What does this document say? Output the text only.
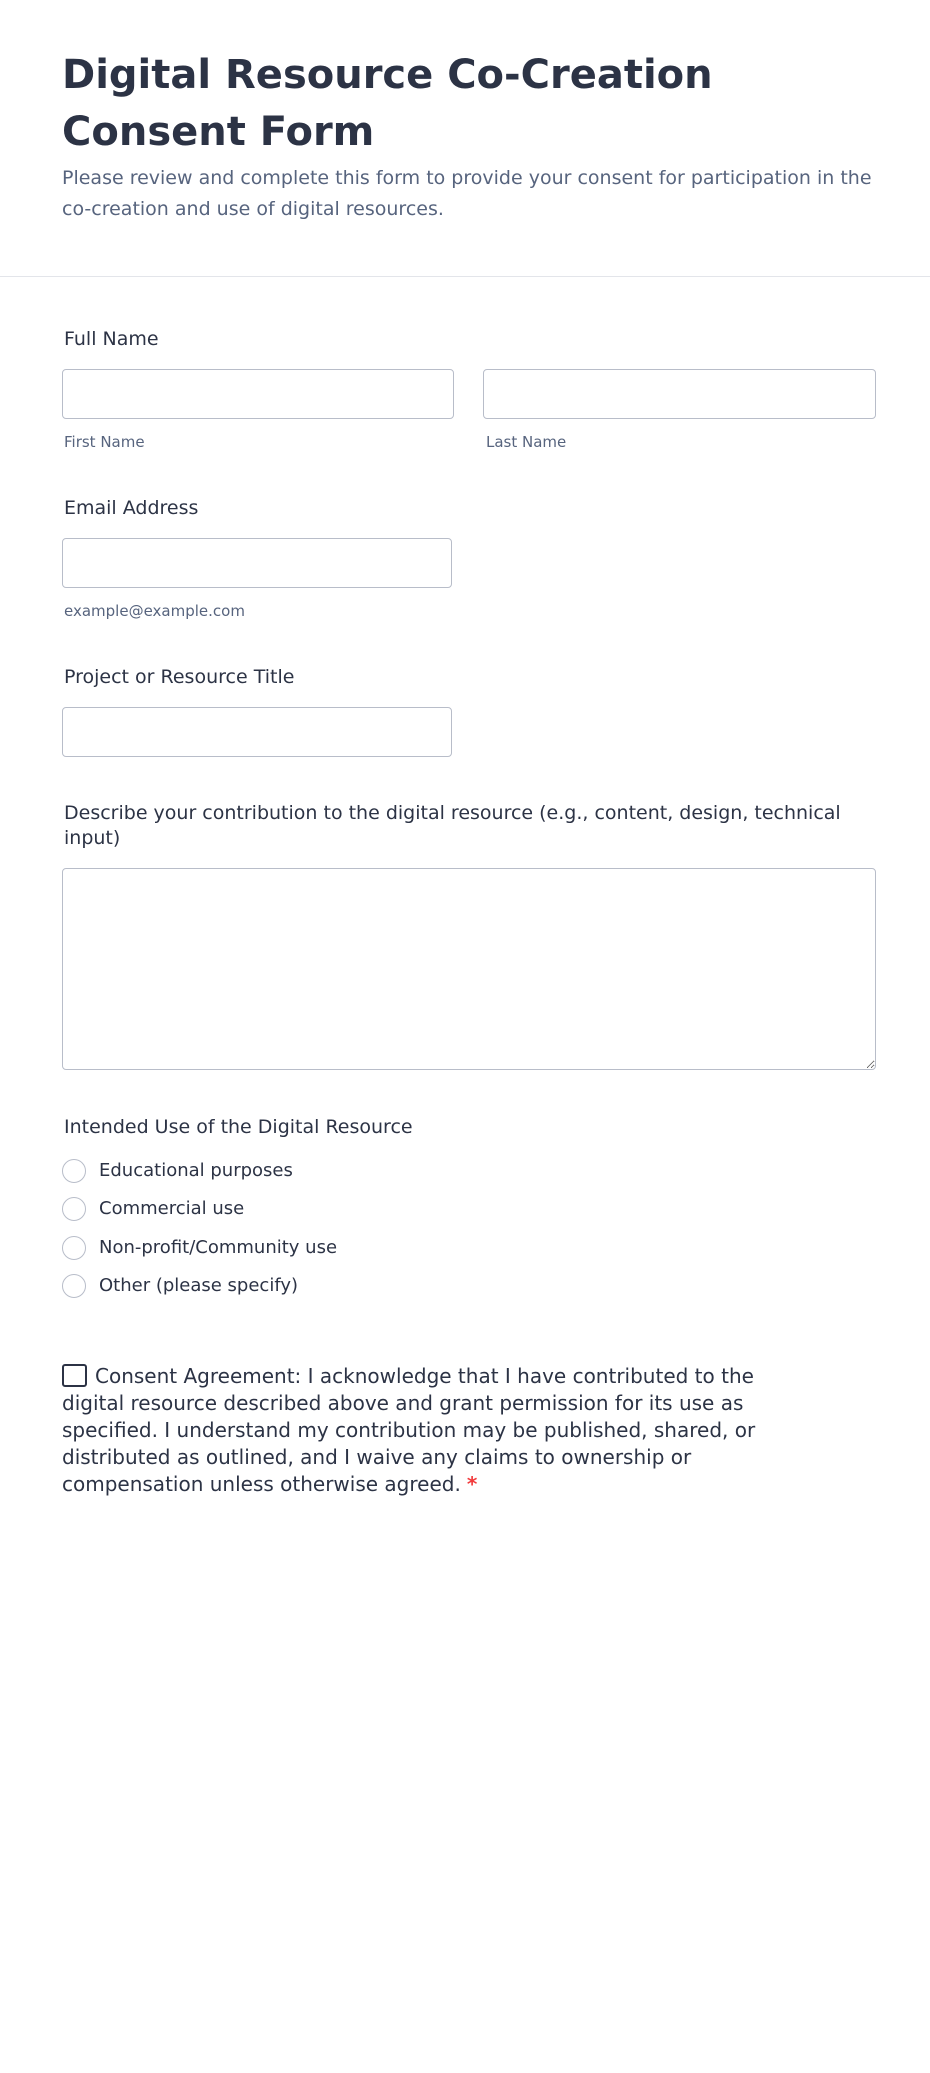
Digital Resource Co-Creation Consent Form

Please review and complete this form to provide your consent for participation in the co-creation and use of digital resources.

Full Name
First Name	Last Name
Email Address
example@example.com
Project or Resource Title
Describe your contribution to the digital resource (e.g., content, design, technical input)
Intended Use of the Digital Resource
Educational purposes
Commercial use
Non-profit/Community use
Other (please specify)
Consent Agreement: I acknowledge that I have contributed to the digital resource described above and grant permission for its use as specified. I understand my contribution may be published, shared, or distributed as outlined, and I waive any claims to ownership or compensation unless otherwise agreed. *
